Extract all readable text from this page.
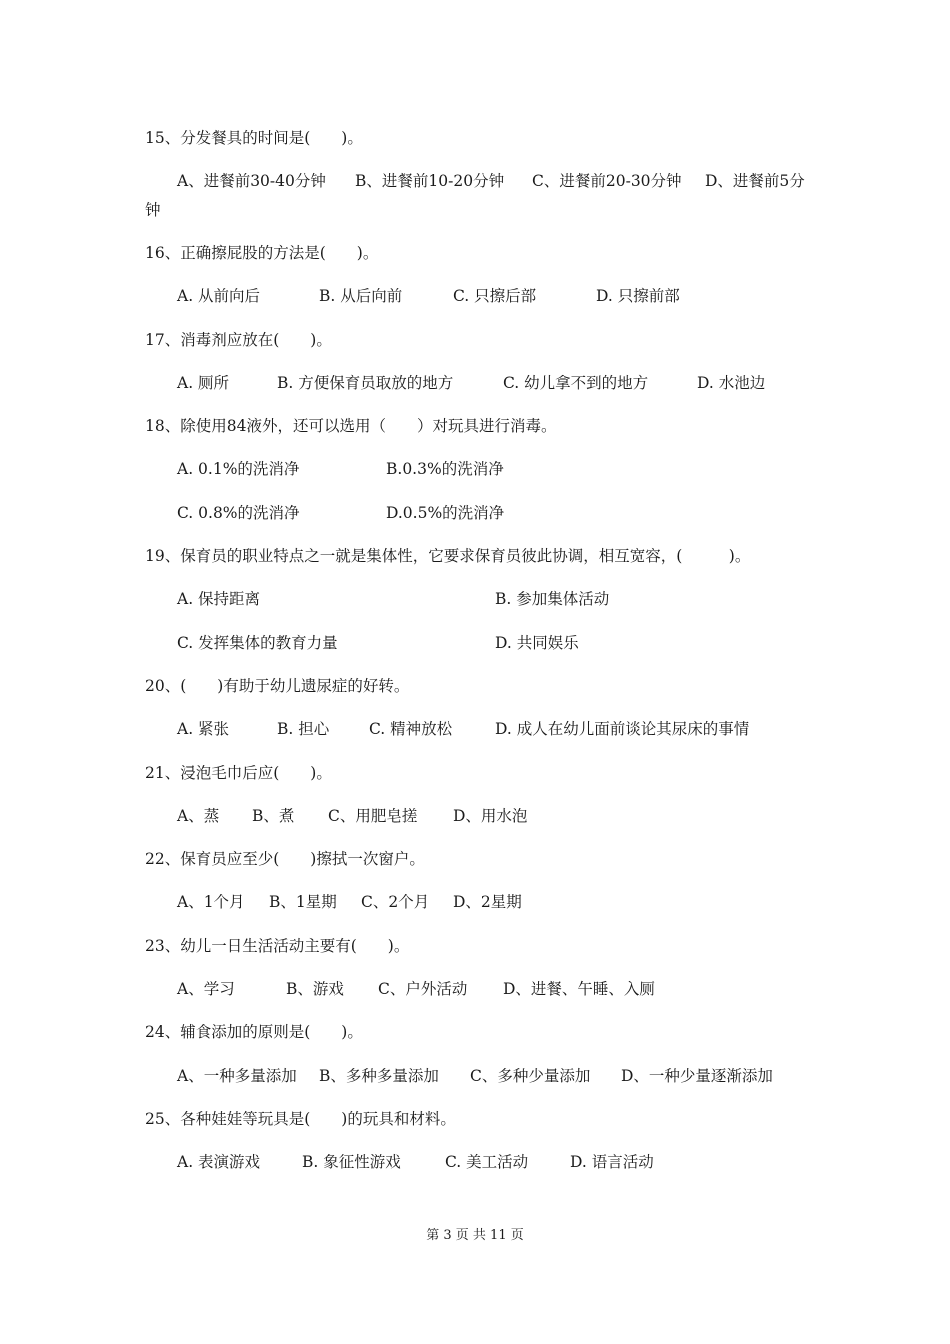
15、分发餐具的时间是(　　)。
A、进餐前30-40分钟 B、进餐前10-20分钟 C、进餐前20-30分钟 D、进餐前5分
钟
16、正确擦屁股的方法是(　　)。
A. 从前向后	B. 从后向前	C. 只擦后部	D. 只擦前部
17、消毒剂应放在(　　)。
A. 厕所	B. 方便保育员取放的地方	C. 幼儿拿不到的地方	D. 水池边
18、除使用84液外，还可以选用（　　）对玩具进行消毒。
A. 0.1%的洗消净	B.0.3%的洗消净
C. 0.8%的洗消净	D.0.5%的洗消净
19、保育员的职业特点之一就是集体性，它要求保育员彼此协调，相互宽容，(　　　)。
A. 保持距离	B. 参加集体活动
C. 发挥集体的教育力量	D. 共同娱乐
20、(　　)有助于幼儿遗尿症的好转。
A. 紧张	B. 担心	C. 精神放松	D. 成人在幼儿面前谈论其尿床的事情
21、浸泡毛巾后应(　　)。
A、蒸 B、煮 C、用肥皂搓 D、用水泡
22、保育员应至少(　　)擦拭一次窗户。
A、1个月 B、1星期 C、2个月 D、2星期
23、幼儿一日生活活动主要有(　　)。
A、学习	B、游戏 C、户外活动 D、进餐、午睡、入厕
24、辅食添加的原则是(　　)。
A、一种多量添加 B、多种多量添加 C、多种少量添加 D、一种少量逐渐添加
25、各种娃娃等玩具是(　　)的玩具和材料。
A. 表演游戏	B. 象征性游戏	C. 美工活动	D. 语言活动
第 3 页 共 11 页
